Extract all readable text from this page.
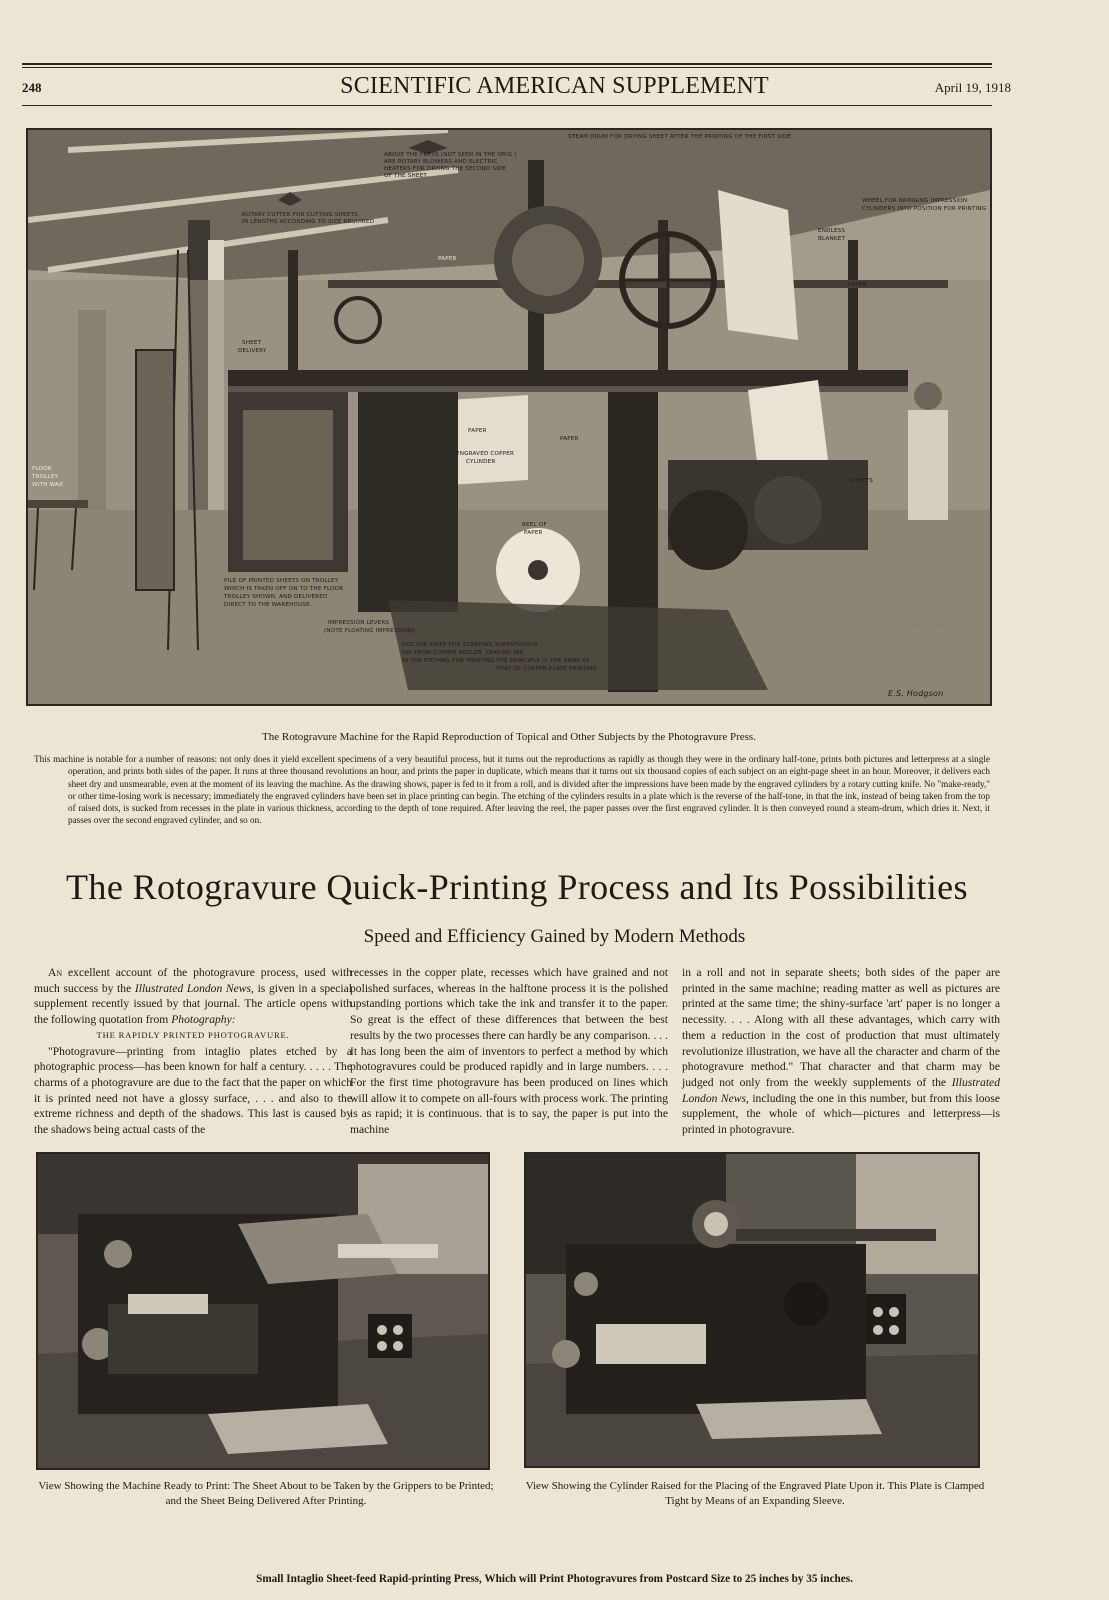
248	SCIENTIFIC AMERICAN SUPPLEMENT	April 19, 1918
STEAM DRUM FOR DRYING SHEET AFTER THE PRINTING OF THE FIRST SIDE
ABOVE THE PRESS (NOT SEEN IN THE ORIG.)
ARE ROTARY BLOWERS AND ELECTRIC
HEATERS FOR DRYING THE SECOND SIDE
OF THE SHEET.
ROTARY CUTTER FOR CUTTING SHEETS
IN LENGTHS ACCORDING TO SIZE REQUIRED
WHEEL FOR BRINGING IMPRESSION
CYLINDERS INTO POSITION FOR PRINTING
PAPER
ENDLESS
BLANKET
PAPER
SHEET
DELIVERY
PAPER
PAPER
ENGRAVED COPPER
CYLINDER
FLOOR
TROLLEY
WITH WAX
REEL OF
PAPER
PILE OF PRINTED SHEETS ON TROLLEY
WHICH IS TAKEN OFF ON TO THE FLOOR
TROLLEY SHOWN, AND DELIVERED
DIRECT TO THE WAREHOUSE.
IMPRESSION LEVERS
(NOTE FLOATING IMPRESSION)
DOCTOR KNIFE FOR SCRAPING SUPERFLUOUS
INK FROM COPPER ROLLER, LEAVING INK
IN THE ETCHING FOR PRINTING THE PRINCIPLE IS THE SAME AS
THAT OF COPPER-PLATE PRINTING
SHEETS
E.S. Hodgson
The Rotogravure Machine for the Rapid Reproduction of Topical and Other Subjects by the Photogravure Press.

This machine is notable for a number of reasons: not only does it yield excellent specimens of a very beautiful process, but it turns out the reproductions as rapidly as though they were in the ordinary half-tone, prints both pictures and letterpress at a single operation, and prints both sides of the paper. It runs at three thousand revolutions an hour, and prints the paper in duplicate, which means that it turns out six thousand copies of each subject on an eight-page sheet in an hour. Moreover, it delivers each sheet dry and unsmearable, even at the moment of its leaving the machine. As the drawing shows, paper is fed to it from a roll, and is divided after the impressions have been made by the engraved cylinders by a rotary cutting knife. No "make-ready," or other time-losing work is necessary; immediately the engraved cylinders have been set in place printing can begin. The etching of the cylinders results in a plate which is the reverse of the half-tone, in that the ink, instead of being taken from the top of raised dots, is sucked from recesses in the plate in various thickness, according to the depth of tone required. After leaving the reel, the paper passes over the first engraved cylinder. It is then conveyed round a steam-drum, which dries it. Next, it passes over the second engraved cylinder, and so on.

The Rotogravure Quick-Printing Process and Its Possibilities
Speed and Efficiency Gained by Modern Methods

An excellent account of the photogravure process, used with much success by the Illustrated London News, is given in a special supplement recently issued by that journal. The article opens with the following quotation from Photography:

THE RAPIDLY PRINTED PHOTOGRAVURE.

"Photogravure—printing from intaglio plates etched by a photographic process—has been known for half a century. . . . . The charms of a photogravure are due to the fact that the paper on which it is printed need not have a glossy surface, . . . and also to the extreme richness and depth of the shadows. This last is caused by the shadows being actual casts of the

recesses in the copper plate, recesses which have grained and not polished surfaces, whereas in the halftone process it is the polished upstanding portions which take the ink and transfer it to the paper. So great is the effect of these differences that between the best results by the two processes there can hardly be any comparison. . . . It has long been the aim of inventors to perfect a method by which photogravures could be produced rapidly and in large numbers. . . . For the first time photogravure has been produced on lines which will allow it to compete on all-fours with process work. The printing is as rapid; it is continuous. that is to say, the paper is put into the machine

in a roll and not in separate sheets; both sides of the paper are printed in the same machine; reading matter as well as pictures are printed at the same time; the shiny-surface 'art' paper is no longer a necessity. . . . Along with all these advantages, which carry with them a reduction in the cost of production that must ultimately revolutionize illustration, we have all the character and charm of the photogravure method." That character and that charm may be judged not only from the weekly supplements of the Illustrated London News, including the one in this number, but from this loose supplement, the whole of which—pictures and letterpress—is printed in photogravure.

View Showing the Machine Ready to Print: The Sheet About to be Taken by the Grippers to be Printed; and the Sheet Being Delivered After Printing.
View Showing the Cylinder Raised for the Placing of the Engraved Plate Upon it. This Plate is Clamped Tight by Means of an Expanding Sleeve.
Small Intaglio Sheet-feed Rapid-printing Press, Which will Print Photogravures from Postcard Size to 25 inches by 35 inches.
